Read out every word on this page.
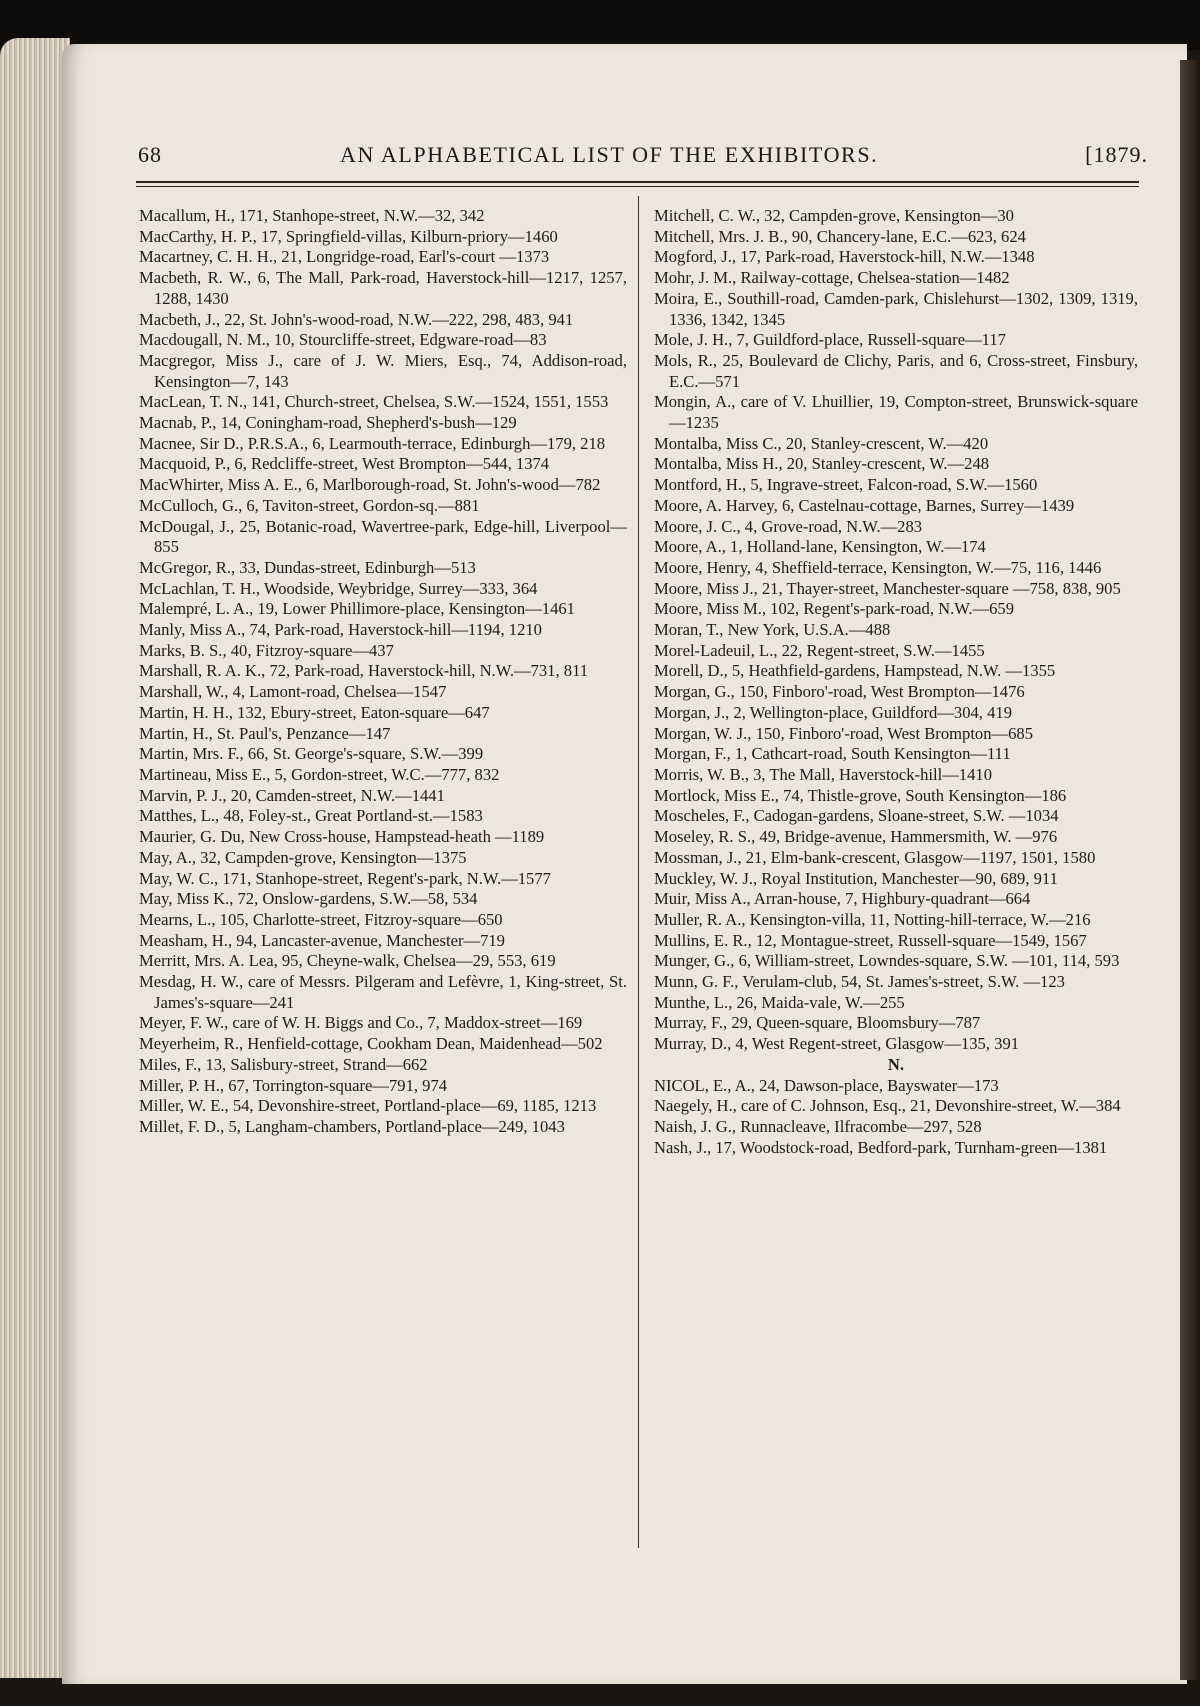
68	AN ALPHABETICAL LIST OF THE EXHIBITORS.	[1879.

Macallum, H., 171, Stanhope-street, N.W.—32, 342

MacCarthy, H. P., 17, Springfield-villas, Kilburn-priory—1460

Macartney, C. H. H., 21, Longridge-road, Earl's-court —1373

Macbeth, R. W., 6, The Mall, Park-road, Haverstock-hill—1217, 1257, 1288, 1430

Macbeth, J., 22, St. John's-wood-road, N.W.—222, 298, 483, 941

Macdougall, N. M., 10, Stourcliffe-street, Edgware-road—83

Macgregor, Miss J., care of J. W. Miers, Esq., 74, Addison-road, Kensington—7, 143

MacLean, T. N., 141, Church-street, Chelsea, S.W.—1524, 1551, 1553

Macnab, P., 14, Coningham-road, Shepherd's-bush—129

Macnee, Sir D., P.R.S.A., 6, Learmouth-terrace, Edinburgh—179, 218

Macquoid, P., 6, Redcliffe-street, West Brompton—544, 1374

MacWhirter, Miss A. E., 6, Marlborough-road, St. John's-wood—782

McCulloch, G., 6, Taviton-street, Gordon-sq.—881

McDougal, J., 25, Botanic-road, Wavertree-park, Edge-hill, Liverpool—855

McGregor, R., 33, Dundas-street, Edinburgh—513

McLachlan, T. H., Woodside, Weybridge, Surrey—333, 364

Malempré, L. A., 19, Lower Phillimore-place, Kensington—1461

Manly, Miss A., 74, Park-road, Haverstock-hill—1194, 1210

Marks, B. S., 40, Fitzroy-square—437

Marshall, R. A. K., 72, Park-road, Haverstock-hill, N.W.—731, 811

Marshall, W., 4, Lamont-road, Chelsea—1547

Martin, H. H., 132, Ebury-street, Eaton-square—647

Martin, H., St. Paul's, Penzance—147

Martin, Mrs. F., 66, St. George's-square, S.W.—399

Martineau, Miss E., 5, Gordon-street, W.C.—777, 832

Marvin, P. J., 20, Camden-street, N.W.—1441

Matthes, L., 48, Foley-st., Great Portland-st.—1583

Maurier, G. Du, New Cross-house, Hampstead-heath —1189

May, A., 32, Campden-grove, Kensington—1375

May, W. C., 171, Stanhope-street, Regent's-park, N.W.—1577

May, Miss K., 72, Onslow-gardens, S.W.—58, 534

Mearns, L., 105, Charlotte-street, Fitzroy-square—650

Measham, H., 94, Lancaster-avenue, Manchester—719

Merritt, Mrs. A. Lea, 95, Cheyne-walk, Chelsea—29, 553, 619

Mesdag, H. W., care of Messrs. Pilgeram and Lefèvre, 1, King-street, St. James's-square—241

Meyer, F. W., care of W. H. Biggs and Co., 7, Maddox-street—169

Meyerheim, R., Henfield-cottage, Cookham Dean, Maidenhead—502

Miles, F., 13, Salisbury-street, Strand—662

Miller, P. H., 67, Torrington-square—791, 974

Miller, W. E., 54, Devonshire-street, Portland-place—69, 1185, 1213

Millet, F. D., 5, Langham-chambers, Portland-place—249, 1043

Mitchell, C. W., 32, Campden-grove, Kensington—30

Mitchell, Mrs. J. B., 90, Chancery-lane, E.C.—623, 624

Mogford, J., 17, Park-road, Haverstock-hill, N.W.—1348

Mohr, J. M., Railway-cottage, Chelsea-station—1482

Moira, E., Southill-road, Camden-park, Chislehurst—1302, 1309, 1319, 1336, 1342, 1345

Mole, J. H., 7, Guildford-place, Russell-square—117

Mols, R., 25, Boulevard de Clichy, Paris, and 6, Cross-street, Finsbury, E.C.—571

Mongin, A., care of V. Lhuillier, 19, Compton-street, Brunswick-square—1235

Montalba, Miss C., 20, Stanley-crescent, W.—420

Montalba, Miss H., 20, Stanley-crescent, W.—248

Montford, H., 5, Ingrave-street, Falcon-road, S.W.—1560

Moore, A. Harvey, 6, Castelnau-cottage, Barnes, Surrey—1439

Moore, J. C., 4, Grove-road, N.W.—283

Moore, A., 1, Holland-lane, Kensington, W.—174

Moore, Henry, 4, Sheffield-terrace, Kensington, W.—75, 116, 1446

Moore, Miss J., 21, Thayer-street, Manchester-square —758, 838, 905

Moore, Miss M., 102, Regent's-park-road, N.W.—659

Moran, T., New York, U.S.A.—488

Morel-Ladeuil, L., 22, Regent-street, S.W.—1455

Morell, D., 5, Heathfield-gardens, Hampstead, N.W. —1355

Morgan, G., 150, Finboro'-road, West Brompton—1476

Morgan, J., 2, Wellington-place, Guildford—304, 419

Morgan, W. J., 150, Finboro'-road, West Brompton—685

Morgan, F., 1, Cathcart-road, South Kensington—111

Morris, W. B., 3, The Mall, Haverstock-hill—1410

Mortlock, Miss E., 74, Thistle-grove, South Kensington—186

Moscheles, F., Cadogan-gardens, Sloane-street, S.W. —1034

Moseley, R. S., 49, Bridge-avenue, Hammersmith, W. —976

Mossman, J., 21, Elm-bank-crescent, Glasgow—1197, 1501, 1580

Muckley, W. J., Royal Institution, Manchester—90, 689, 911

Muir, Miss A., Arran-house, 7, Highbury-quadrant—664

Muller, R. A., Kensington-villa, 11, Notting-hill-terrace, W.—216

Mullins, E. R., 12, Montague-street, Russell-square—1549, 1567

Munger, G., 6, William-street, Lowndes-square, S.W. —101, 114, 593

Munn, G. F., Verulam-club, 54, St. James's-street, S.W. —123

Munthe, L., 26, Maida-vale, W.—255

Murray, F., 29, Queen-square, Bloomsbury—787

Murray, D., 4, West Regent-street, Glasgow—135, 391

N.

NICOL, E., A., 24, Dawson-place, Bayswater—173

Naegely, H., care of C. Johnson, Esq., 21, Devonshire-street, W.—384

Naish, J. G., Runnacleave, Ilfracombe—297, 528

Nash, J., 17, Woodstock-road, Bedford-park, Turnham-green—1381
